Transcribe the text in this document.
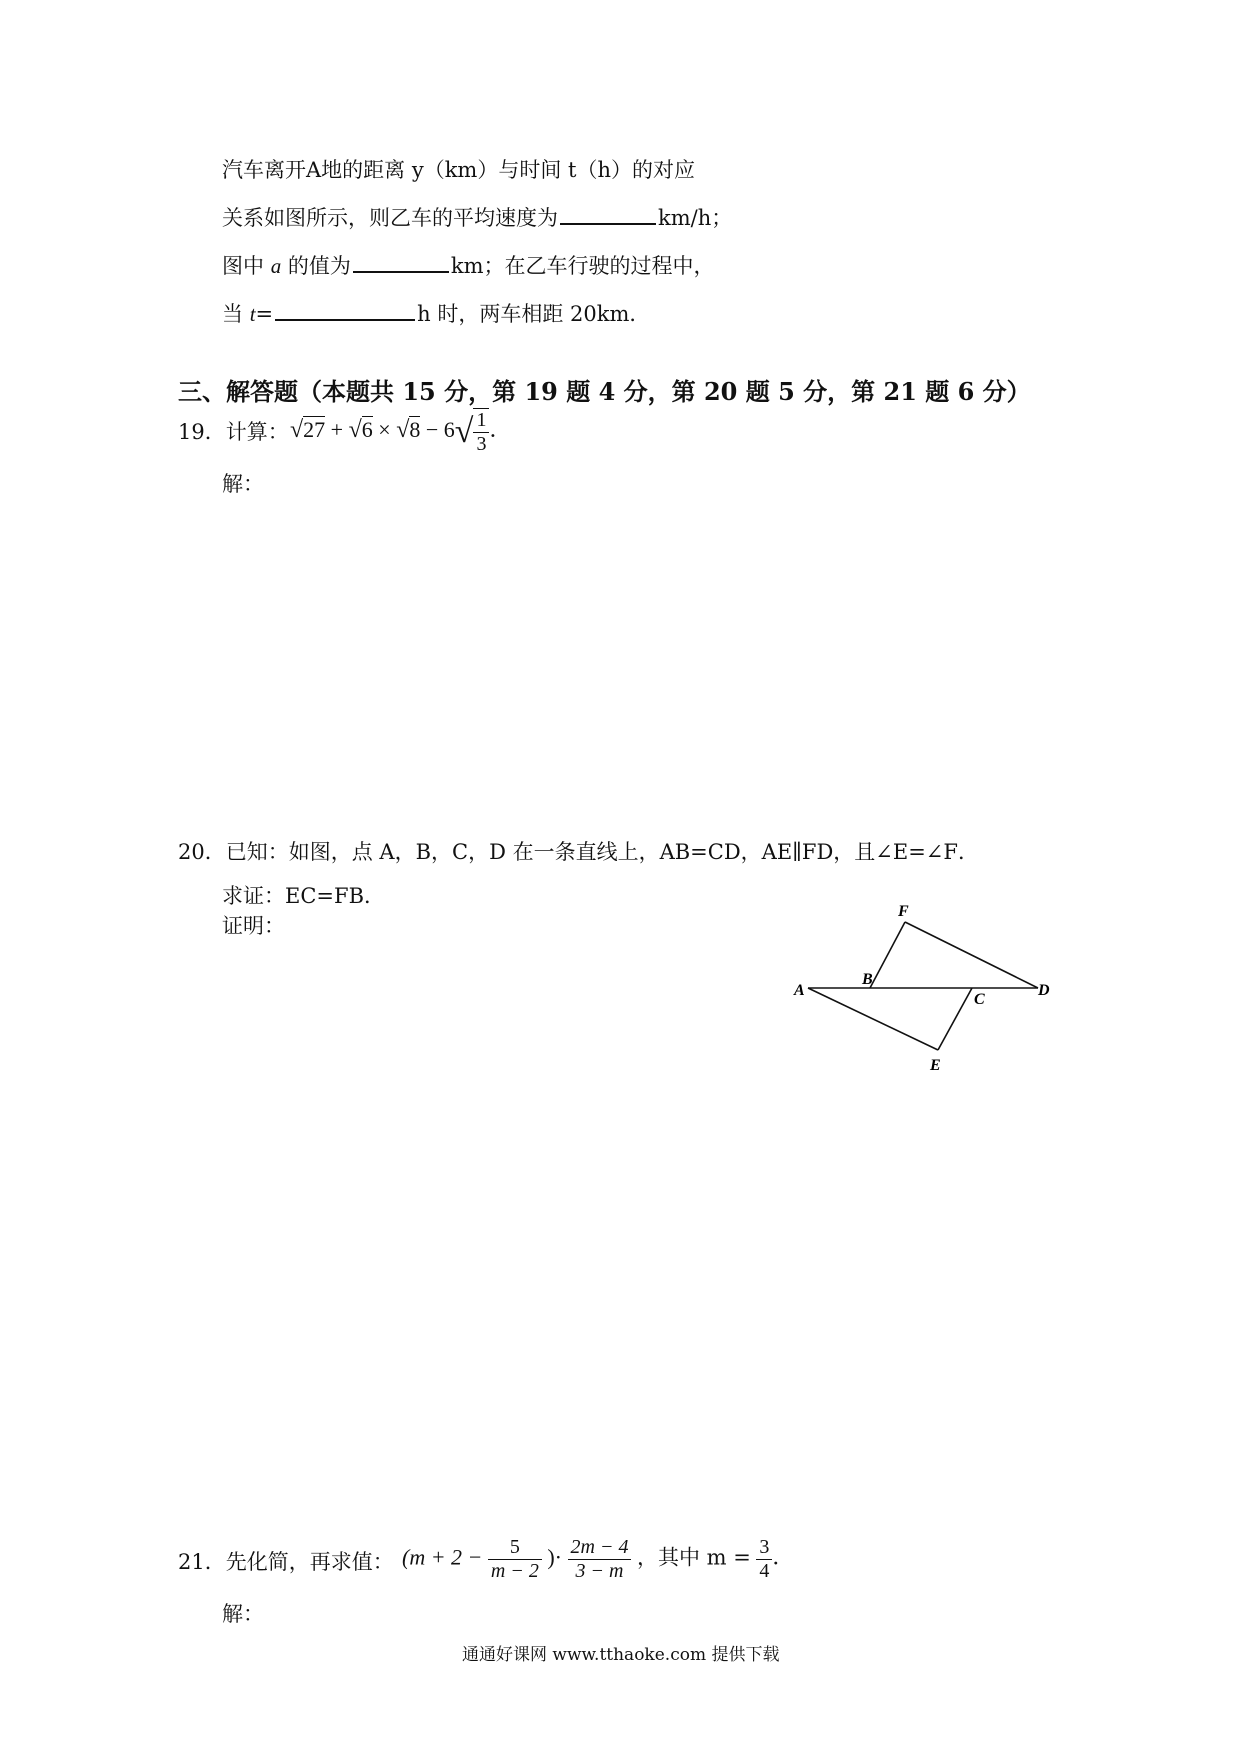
汽车离开A地的距离 y（km）与时间 t（h）的对应
关系如图所示，则乙车的平均速度为	km/h；
图中 a 的值为	km；在乙车行驶的过程中，
当 t=	h 时，两车相距 20km．
三、解答题（本题共 15 分，第 19 题 4 分，第 20 题 5 分，第 21 题 6 分）
19．计算： $√27 + √6 \times √8 - 6√ \frac{1}{3}$ ．
解：
20．已知：如图，点 A，B，C，D 在一条直线上，AB=CD，AE∥FD，且∠E=∠F．
求证：EC=FB．
证明：
A
B
C
D
E
F
21．先化简，再求值： ($m + 2 - \frac{5}{m - 2}$ )· $\frac{2m - 4}{3 - m}$ ，其中 $m = \frac{3}{4}$ ．
解：
通通好课网 www.tthaoke.com 提供下载
